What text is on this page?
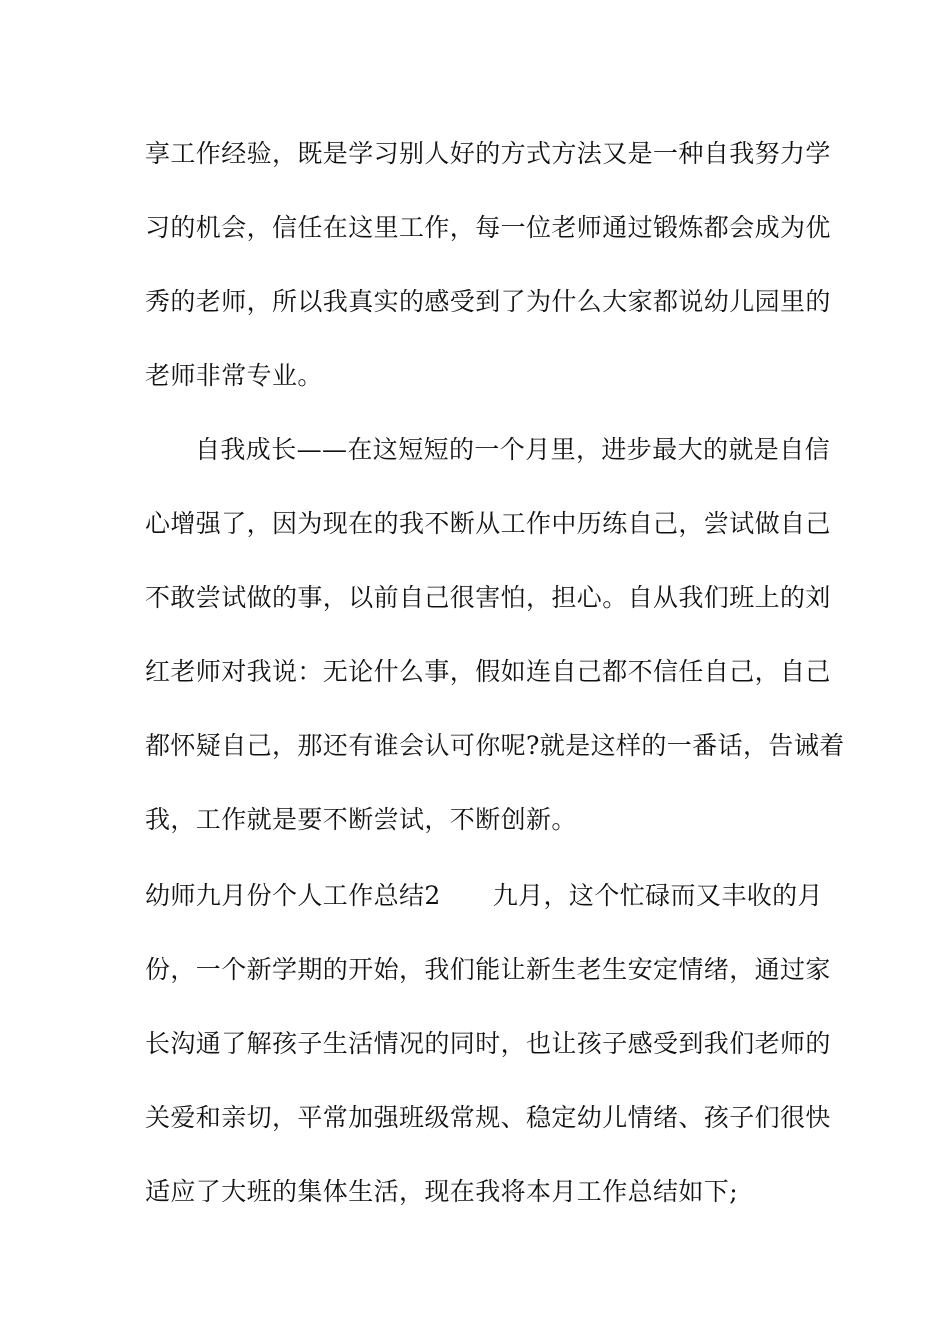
享工作经验，既是学习别人好的方式方法又是一种自我努力学
习的机会，信任在这里工作，每一位老师通过锻炼都会成为优
秀的老师，所以我真实的感受到了为什么大家都说幼儿园里的
老师非常专业。
自我成长——在这短短的一个月里，进步最大的就是自信
心增强了，因为现在的我不断从工作中历练自己，尝试做自己
不敢尝试做的事，以前自己很害怕，担心。自从我们班上的刘
红老师对我说：无论什么事，假如连自己都不信任自己，自己
都怀疑自己，那还有谁会认可你呢?就是这样的一番话，告诫着
我，工作就是要不断尝试，不断创新。
幼师九月份个人工作总结2 九月，这个忙碌而又丰收的月
份，一个新学期的开始，我们能让新生老生安定情绪，通过家
长沟通了解孩子生活情况的同时，也让孩子感受到我们老师的
关爱和亲切，平常加强班级常规、稳定幼儿情绪、孩子们很快
适应了大班的集体生活，现在我将本月工作总结如下;
